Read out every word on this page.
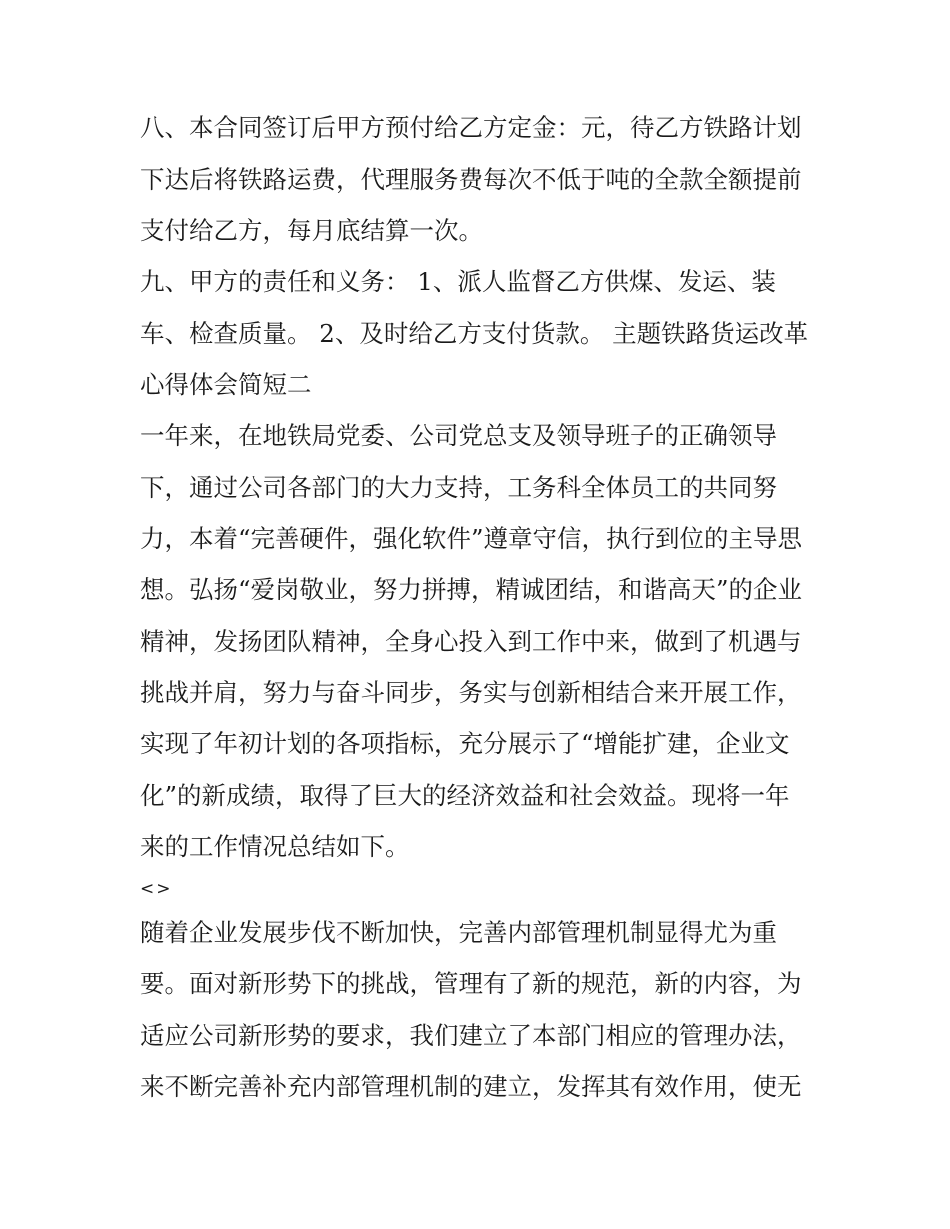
八、本合同签订后甲方预付给乙方定金：元，待乙方铁路计划
下达后将铁路运费，代理服务费每次不低于吨的全款全额提前
支付给乙方，每月底结算一次。
九、甲方的责任和义务： 1、派人监督乙方供煤、发运、装
车、检查质量。 2、及时给乙方支付货款。 主题铁路货运改革
心得体会简短二
一年来，在地铁局党委、公司党总支及领导班子的正确领导
下，通过公司各部门的大力支持，工务科全体员工的共同努
力，本着“完善硬件，强化软件”遵章守信，执行到位的主导思
想。弘扬“爱岗敬业，努力拼搏，精诚团结，和谐高天”的企业
精神，发扬团队精神，全身心投入到工作中来，做到了机遇与
挑战并肩，努力与奋斗同步，务实与创新相结合来开展工作，
实现了年初计划的各项指标，充分展示了“增能扩建，企业文
化”的新成绩，取得了巨大的经济效益和社会效益。现将一年
来的工作情况总结如下。
<>
随着企业发展步伐不断加快，完善内部管理机制显得尤为重
要。面对新形势下的挑战，管理有了新的规范，新的内容，为
适应公司新形势的要求，我们建立了本部门相应的管理办法，
来不断完善补充内部管理机制的建立，发挥其有效作用，使无
